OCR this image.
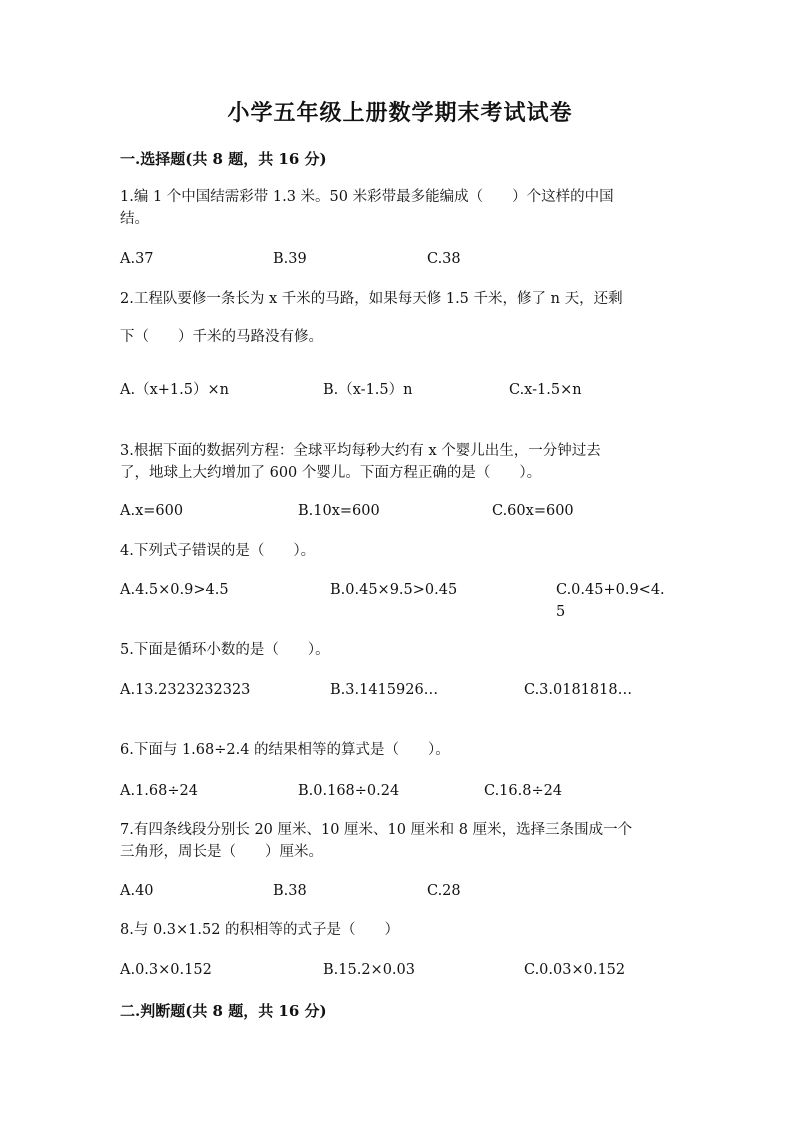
小学五年级上册数学期末考试试卷

一.选择题(共 8 题，共 16 分)

1.编 1 个中国结需彩带 1.3 米。50 米彩带最多能编成（　　）个这样的中国
结。
A.37	B.39	C.38
2.工程队要修一条长为 x 千米的马路，如果每天修 1.5 千米，修了 n 天，还剩
下（　　）千米的马路没有修。
A.（x+1.5）×n	B.（x-1.5）n	C.x-1.5×n
3.根据下面的数据列方程：全球平均每秒大约有 x 个婴儿出生，一分钟过去
了，地球上大约增加了 600 个婴儿。下面方程正确的是（　　）。
A.x=600	B.10x=600	C.60x=600
4.下列式子错误的是（　　）。
A.4.5×0.9>4.5	B.0.45×9.5>0.45	C.0.45+0.9<4.5
5.下面是循环小数的是（　　）。
A.13.2323232323	B.3.1415926…	C.3.0181818…
6.下面与 1.68÷2.4 的结果相等的算式是（　　）。
A.1.68÷24	B.0.168÷0.24	C.16.8÷24
7.有四条线段分别长 20 厘米、10 厘米、10 厘米和 8 厘米，选择三条围成一个
三角形，周长是（　　）厘米。
A.40	B.38	C.28
8.与 0.3×1.52 的积相等的式子是（　　）
A.0.3×0.152	B.15.2×0.03	C.0.03×0.152

二.判断题(共 8 题，共 16 分)
